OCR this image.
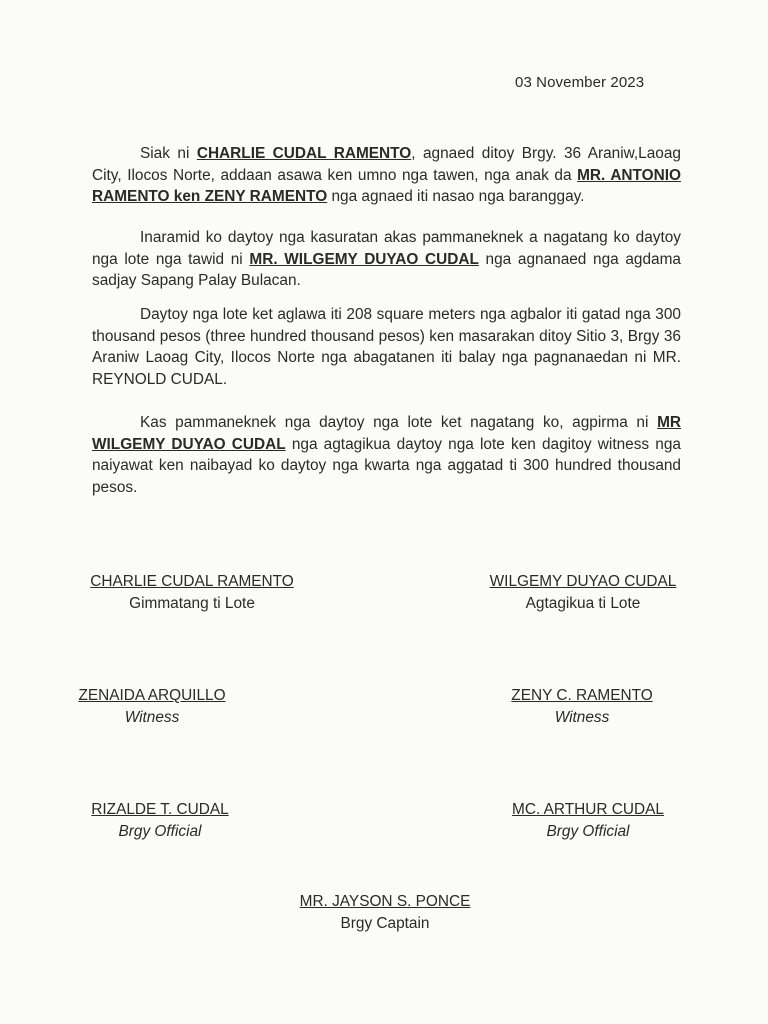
03 November 2023
Siak ni CHARLIE CUDAL RAMENTO, agnaed ditoy Brgy. 36 Araniw,Laoag City, Ilocos Norte, addaan asawa ken umno nga tawen, nga anak da MR. ANTONIO RAMENTO ken ZENY RAMENTO nga agnaed iti nasao nga baranggay.
Inaramid ko daytoy nga kasuratan akas pammaneknek a nagatang ko daytoy nga lote nga tawid ni MR. WILGEMY DUYAO CUDAL nga agnanaed nga agdama sadjay Sapang Palay Bulacan.
Daytoy nga lote ket aglawa iti 208 square meters nga agbalor iti gatad nga 300 thousand pesos (three hundred thousand pesos) ken masarakan ditoy Sitio 3, Brgy 36 Araniw Laoag City, Ilocos Norte nga abagatanen iti balay nga pagnanaedan ni MR. REYNOLD CUDAL.
Kas pammaneknek nga daytoy nga lote ket nagatang ko, agpirma ni MR WILGEMY DUYAO CUDAL nga agtagikua daytoy nga lote ken dagitoy witness nga naiyawat ken naibayad ko daytoy nga kwarta nga aggatad ti 300 hundred thousand pesos.
CHARLIE CUDAL RAMENTO
Gimmatang ti Lote
WILGEMY DUYAO CUDAL
Agtagikua ti Lote
ZENAIDA ARQUILLO
Witness
ZENY C. RAMENTO
Witness
RIZALDE T. CUDAL
Brgy Official
MC. ARTHUR CUDAL
Brgy Official
MR. JAYSON S. PONCE
Brgy Captain
